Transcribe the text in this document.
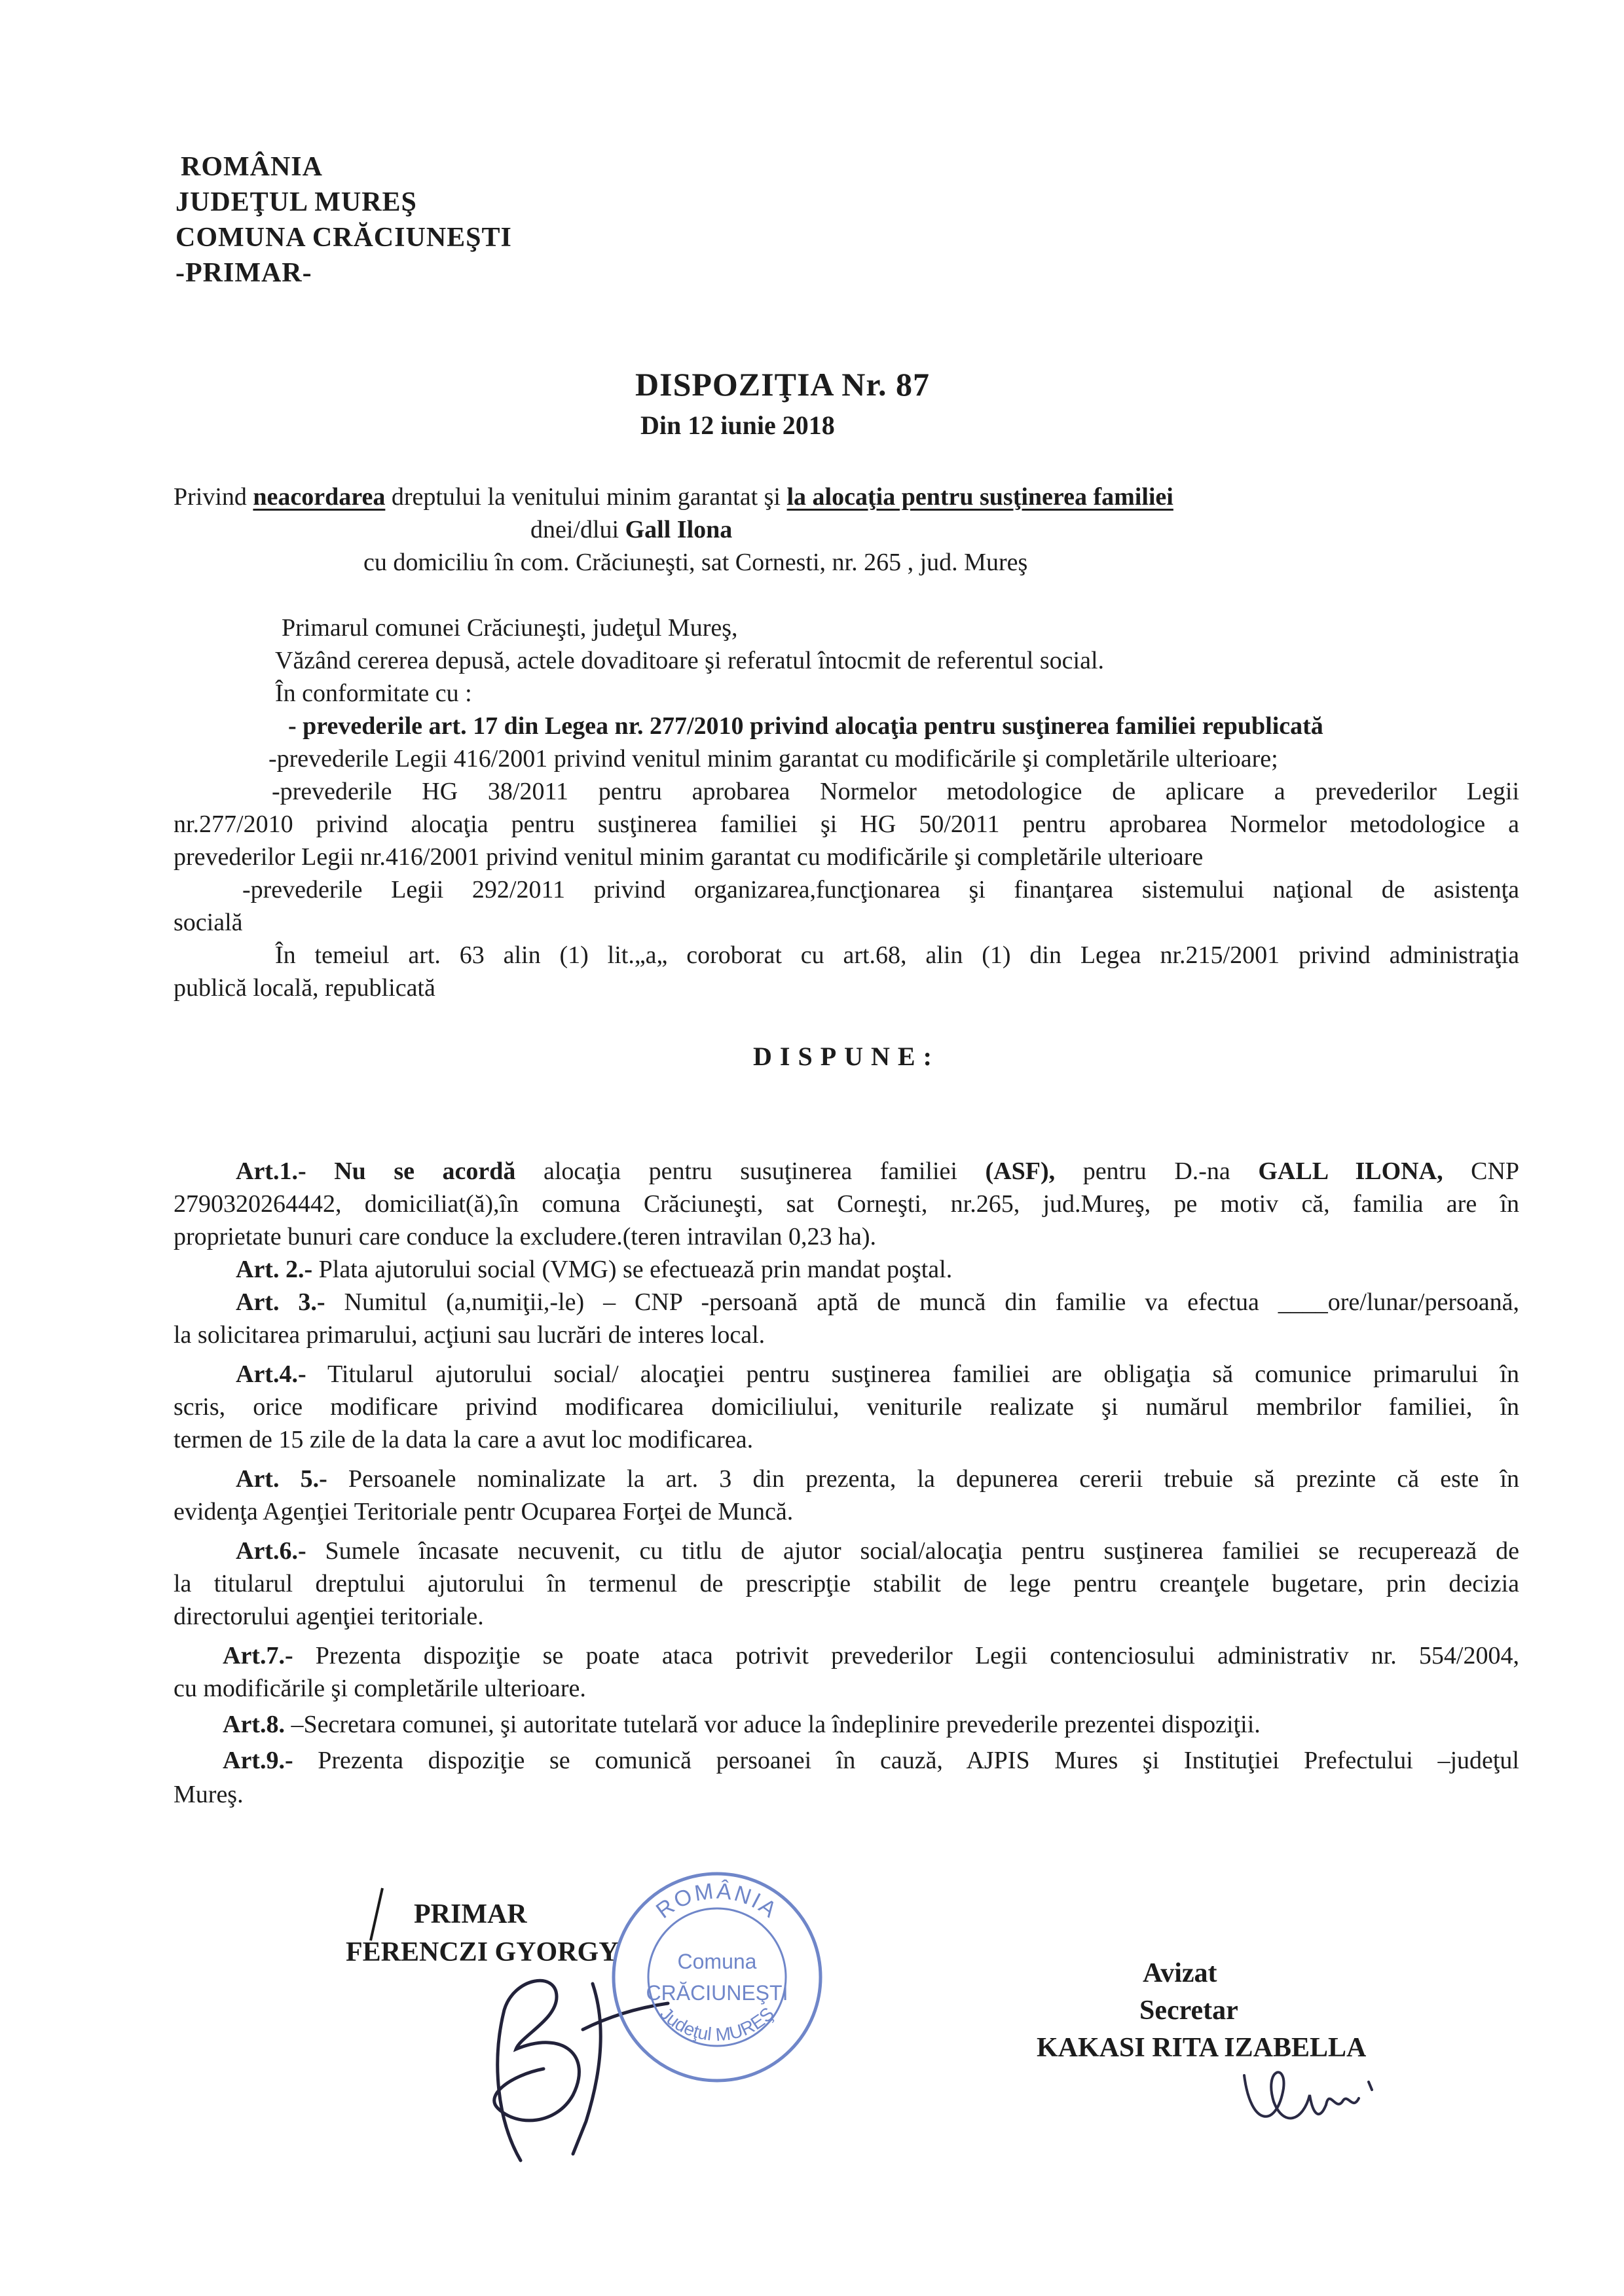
ROMÂNIA
JUDEŢUL MUREŞ
COMUNA CRĂCIUNEŞTI
-PRIMAR-
DISPOZIŢIA Nr. 87
Din 12 iunie 2018
Privind neacordarea dreptului la venitului minim garantat şi la alocaţia pentru susţinerea familiei
dnei/dlui Gall Ilona
cu domiciliu în com. Crăciuneşti, sat Cornesti, nr. 265 , jud. Mureş
Primarul comunei Crăciuneşti, judeţul Mureş,
Văzând cererea depusă, actele dovaditoare şi referatul întocmit de referentul social.
În conformitate cu :
- prevederile art. 17 din Legea nr. 277/2010 privind alocaţia pentru susţinerea familiei republicată
-prevederile Legii 416/2001 privind venitul minim garantat cu modificările şi completările ulterioare;
-prevederile HG 38/2011 pentru aprobarea Normelor metodologice de aplicare a prevederilor Legii
nr.277/2010 privind alocaţia pentru susţinerea familiei şi HG 50/2011 pentru aprobarea Normelor metodologice a
prevederilor Legii nr.416/2001 privind venitul minim garantat cu modificările şi completările ulterioare
-prevederile Legii 292/2011 privind organizarea,funcţionarea şi finanţarea sistemului naţional de asistenţa
socială
În temeiul art. 63 alin (1) lit.„a„ coroborat cu art.68, alin (1) din Legea nr.215/2001 privind administraţia
publică locală, republicată
DISPUNE:
Art.1.- Nu se acordă alocaţia pentru susuţinerea familiei (ASF), pentru D.-na GALL ILONA, CNP
2790320264442, domiciliat(ă),în comuna Crăciuneşti, sat Corneşti, nr.265, jud.Mureş, pe motiv că, familia are în
proprietate bunuri care conduce la excludere.(teren intravilan 0,23 ha).
Art. 2.- Plata ajutorului social (VMG) se efectuează prin mandat poştal.
Art. 3.- Numitul (a,numiţii,-le) – CNP -persoană aptă de muncă din familie va efectua ____ore/lunar/persoană,
la solicitarea primarului, acţiuni sau lucrări de interes local.
Art.4.- Titularul ajutorului social/ alocaţiei pentru susţinerea familiei are obligaţia să comunice primarului în
scris, orice modificare privind modificarea domiciliului, veniturile realizate şi numărul membrilor familiei, în
termen de 15 zile de la data la care a avut loc modificarea.
Art. 5.- Persoanele nominalizate la art. 3 din prezenta, la depunerea cererii trebuie să prezinte că este în
evidenţa Agenţiei Teritoriale pentr Ocuparea Forţei de Muncă.
Art.6.- Sumele încasate necuvenit, cu titlu de ajutor social/alocaţia pentru susţinerea familiei se recuperează de
la titularul dreptului ajutorului în termenul de prescripţie stabilit de lege pentru creanţele bugetare, prin decizia
directorului agenţiei teritoriale.
Art.7.- Prezenta dispoziţie se poate ataca potrivit prevederilor Legii contenciosului administrativ nr. 554/2004,
cu modificările şi completările ulterioare.
Art.8. –Secretara comunei, şi autoritate tutelară vor aduce la îndeplinire prevederile prezentei dispoziţii.
Art.9.- Prezenta dispoziţie se comunică persoanei în cauză, AJPIS Mures şi Instituţiei Prefectului –judeţul
Mureş.
PRIMAR
FERENCZI GYORGY
ROMÂNIA
Comuna
CRĂCIUNEŞTI
Judeţul MUREŞ
Avizat
Secretar
KAKASI RITA IZABELLA
